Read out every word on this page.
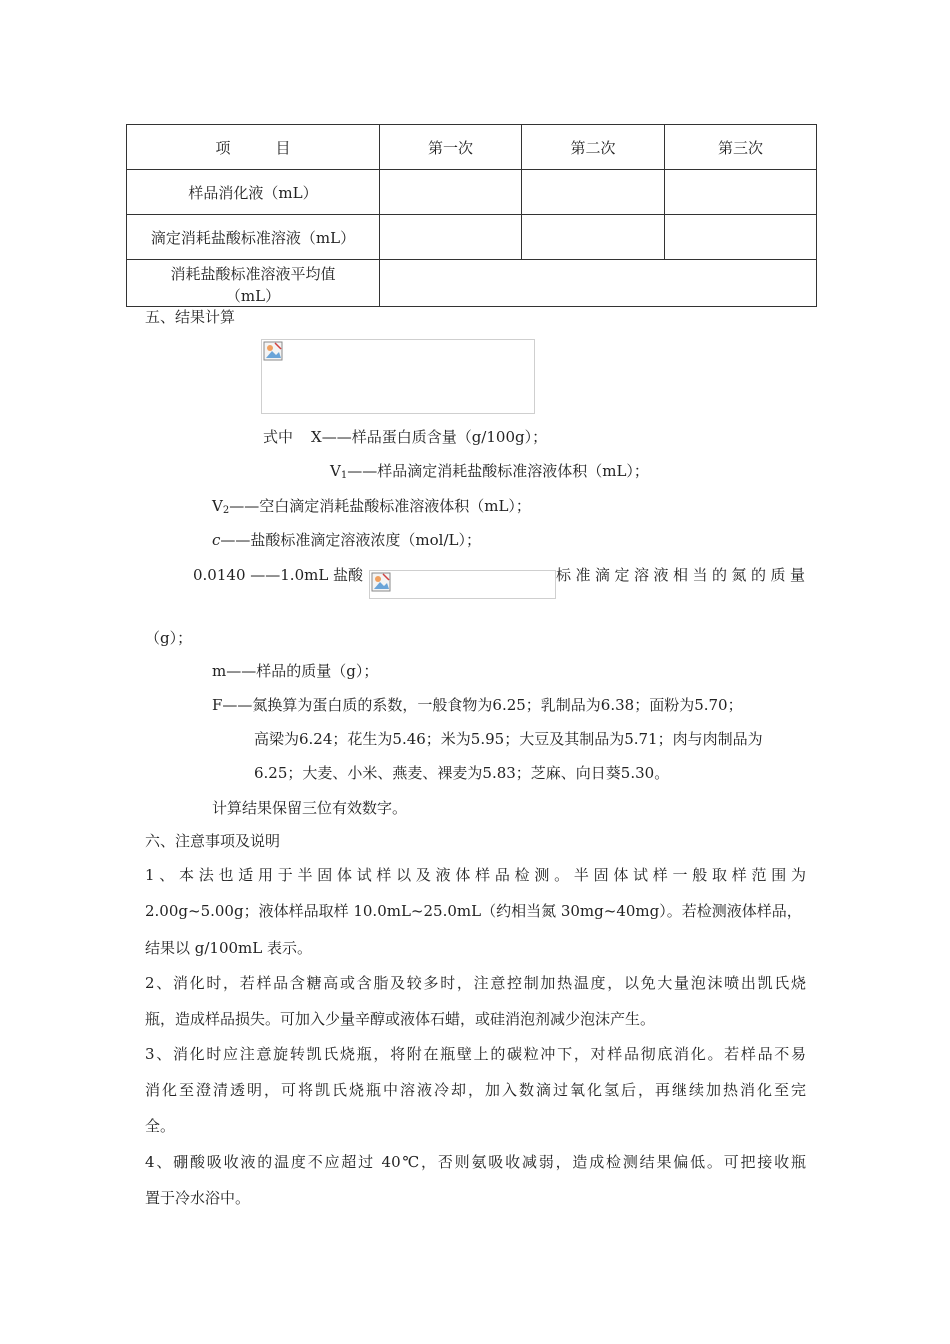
项　　　目	第一次	第二次	第三次
样品消化液（mL）			
滴定消耗盐酸标准溶液（mL）			

消耗盐酸标准溶液平均值
（mL）			

五、结果计算
式中 X——样品蛋白质含量（g/100g）；
$V_1——$样品滴定消耗盐酸标准溶液体积（mL）；
$V_2——$空白滴定消耗盐酸标准溶液体积（mL）；
c——盐酸标准滴定溶液浓度（mol/L）；
0.0140 ——1.0mL 盐酸	标准滴定溶液相当的氮的质量
（g）；
m——样品的质量（g）；
F——氮换算为蛋白质的系数，一般食物为6.25；乳制品为6.38；面粉为5.70；
高梁为6.24；花生为5.46；米为5.95；大豆及其制品为5.71；肉与肉制品为
6.25；大麦、小米、燕麦、裸麦为5.83；芝麻、向日葵5.30。
计算结果保留三位有效数字。
六、注意事项及说明
1、本法也适用于半固体试样以及液体样品检测。半固体试样一般取样范围为
2.00g~5.00g；液体样品取样 10.0mL~25.0mL（约相当氮 30mg~40mg）。若检测液体样品，
结果以 g/100mL 表示。
2、消化时，若样品含糖高或含脂及较多时，注意控制加热温度，以免大量泡沫喷出凯氏烧
瓶，造成样品损失。可加入少量辛醇或液体石蜡，或硅消泡剂减少泡沫产生。
3、消化时应注意旋转凯氏烧瓶，将附在瓶壁上的碳粒冲下，对样品彻底消化。若样品不易
消化至澄清透明，可将凯氏烧瓶中溶液冷却，加入数滴过氧化氢后，再继续加热消化至完
全。
4、硼酸吸收液的温度不应超过 40℃，否则氨吸收减弱，造成检测结果偏低。可把接收瓶
置于冷水浴中。
